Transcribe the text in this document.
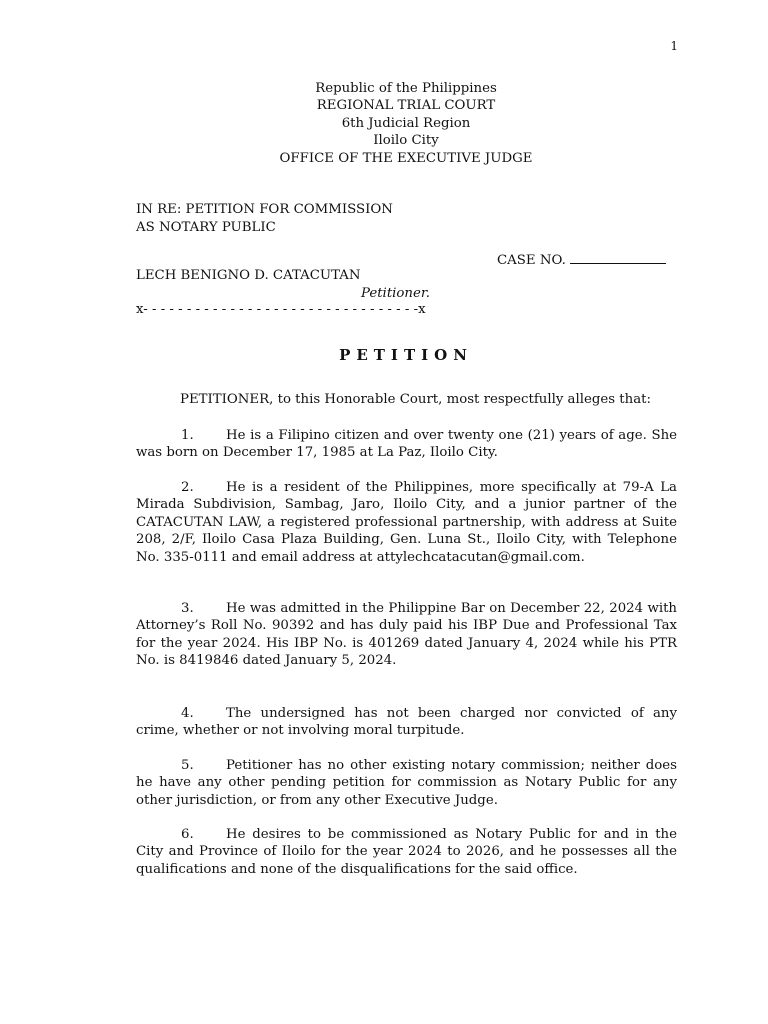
1
Republic of the Philippines
REGIONAL TRIAL COURT
6th Judicial Region
Iloilo City
OFFICE OF THE EXECUTIVE JUDGE
IN RE: PETITION FOR COMMISSION
AS NOTARY PUBLIC
CASE NO.
LECH BENIGNO D. CATACUTAN
Petitioner.
x- - - - - - - - - - - - - - - - - - - - - - - - - - - - - - - -x
PETITION
PETITIONER, to this Honorable Court, most respectfully alleges that:
1. He is a Filipino citizen and over twenty one (21) years of age. She was born on December 17, 1985 at La Paz, Iloilo City.
2. He is a resident of the Philippines, more specifically at 79-A La Mirada Subdivision, Sambag, Jaro, Iloilo City, and a junior partner of the CATACUTAN LAW, a registered professional partnership, with address at Suite 208, 2/F, Iloilo Casa Plaza Building, Gen. Luna St., Iloilo City, with Telephone No. 335-0111 and email address at attylechcatacutan@gmail.com.
3. He was admitted in the Philippine Bar on December 22, 2024 with Attorney’s Roll No. 90392 and has duly paid his IBP Due and Professional Tax for the year 2024. His IBP No. is 401269 dated January 4, 2024 while his PTR No. is 8419846 dated January 5, 2024.
4. The undersigned has not been charged nor convicted of any crime, whether or not involving moral turpitude.
5. Petitioner has no other existing notary commission; neither does he have any other pending petition for commission as Notary Public for any other jurisdiction, or from any other Executive Judge.
6. He desires to be commissioned as Notary Public for and in the City and Province of Iloilo for the year 2024 to 2026, and he possesses all the qualifications and none of the disqualifications for the said office.
